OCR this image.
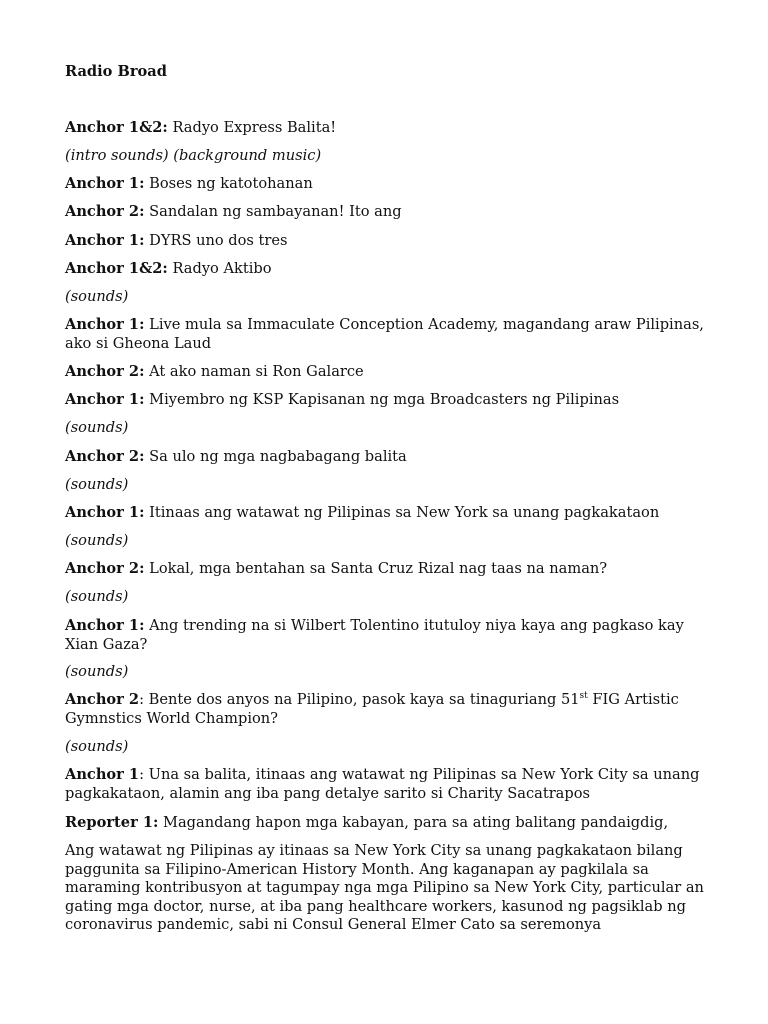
Radio Broad
Anchor 1&2: Radyo Express Balita!
(intro sounds) (background music)
Anchor 1: Boses ng katotohanan
Anchor 2: Sandalan ng sambayanan! Ito ang
Anchor 1: DYRS uno dos tres
Anchor 1&2: Radyo Aktibo
(sounds)
Anchor 1: Live mula sa Immaculate Conception Academy, magandang araw Pilipinas, ako si Gheona Laud
Anchor 2: At ako naman si Ron Galarce
Anchor 1: Miyembro ng KSP Kapisanan ng mga Broadcasters ng Pilipinas
(sounds)
Anchor 2: Sa ulo ng mga nagbabagang balita
(sounds)
Anchor 1: Itinaas ang watawat ng Pilipinas sa New York sa unang pagkakataon
(sounds)
Anchor 2: Lokal, mga bentahan sa Santa Cruz Rizal nag taas na naman?
(sounds)
Anchor 1: Ang trending na si Wilbert Tolentino itutuloy niya kaya ang pagkaso kay Xian Gaza?
(sounds)
Anchor 2: Bente dos anyos na Pilipino, pasok kaya sa tinaguriang 51st FIG Artistic Gymnstics World Champion?
(sounds)
Anchor 1: Una sa balita, itinaas ang watawat ng Pilipinas sa New York City sa unang pagkakataon, alamin ang iba pang detalye sarito si Charity Sacatrapos
Reporter 1: Magandang hapon mga kabayan, para sa ating balitang pandaigdig,
Ang watawat ng Pilipinas ay itinaas sa New York City sa unang pagkakataon bilang paggunita sa Filipino-American History Month. Ang kaganapan ay pagkilala sa maraming kontribusyon at tagumpay nga mga Pilipino sa New York City, particular an gating mga doctor, nurse, at iba pang healthcare workers, kasunod ng pagsiklab ng coronavirus pandemic, sabi ni Consul General Elmer Cato sa seremonya
